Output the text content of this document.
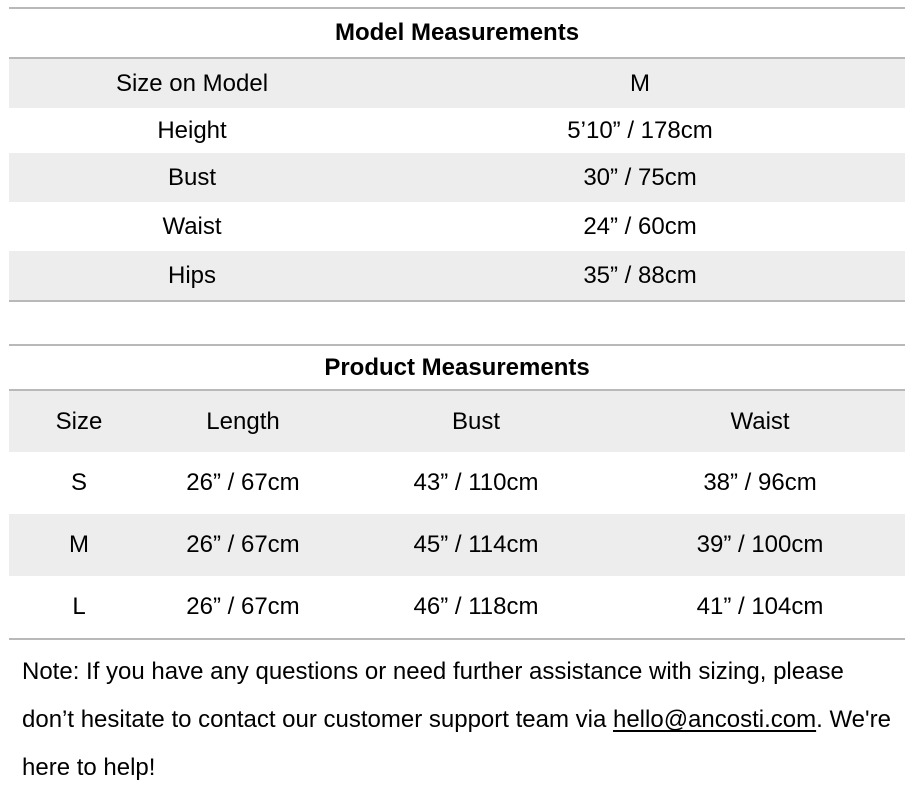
Model Measurements	
Size on Model	M
Height	5’10” / 178cm
Bust	30” / 75cm
Waist	24” / 60cm
Hips	35” / 88cm
Product Measurements			
Size	Length	Bust	Waist
S	26” / 67cm	43” / 110cm	38” / 96cm
M	26” / 67cm	45” / 114cm	39” / 100cm
L	26” / 67cm	46” / 118cm	41” / 104cm

Note: If you have any questions or need further assistance with sizing, please don’t hesitate to contact our customer support team via hello@ancosti.com. We're here to help!
